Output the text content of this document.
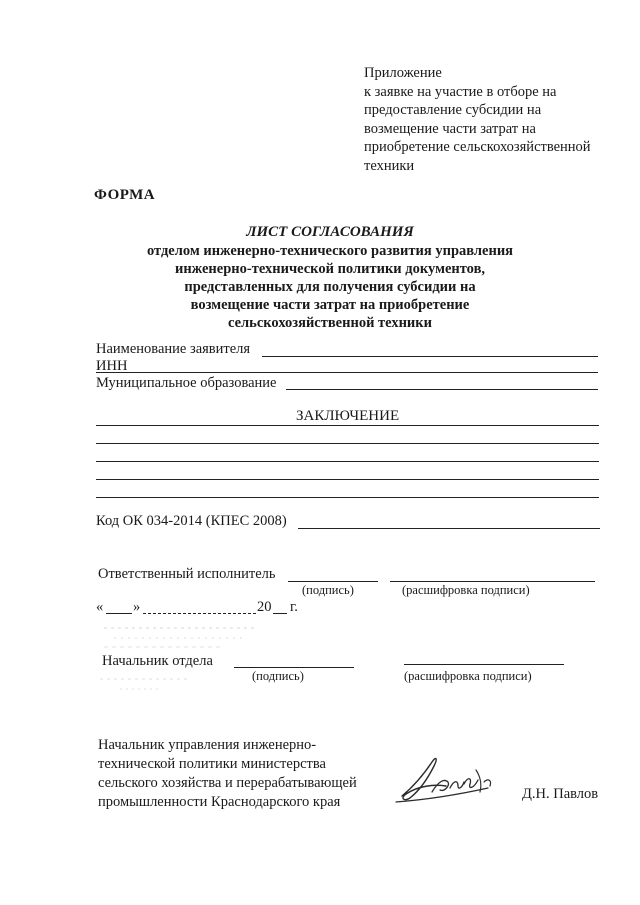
Приложение
к заявке на участие в отборе на
предоставление субсидии на
возмещение части затрат на
приобретение сельскохозяйственной
техники
ФОРМА
ЛИСТ СОГЛАСОВАНИЯ
отделом инженерно-технического развития управления
инженерно-технической политики документов,
представленных для получения субсидии на
возмещение части затрат на приобретение
сельскохозяйственной техники
Наименование заявителя
ИНН
Муниципальное образование
ЗАКЛЮЧЕНИЕ
Код ОК 034-2014 (КПЕС 2008)
Ответственный исполнитель
(подпись)	(расшифровка подписи)
« »	20 г.
Начальник отдела
(подпись)	(расшифровка подписи)
Начальник управления инженерно-
технической политики министерства
сельского хозяйства и перерабатывающей
промышленности Краснодарского края	Д.Н. Павлов
